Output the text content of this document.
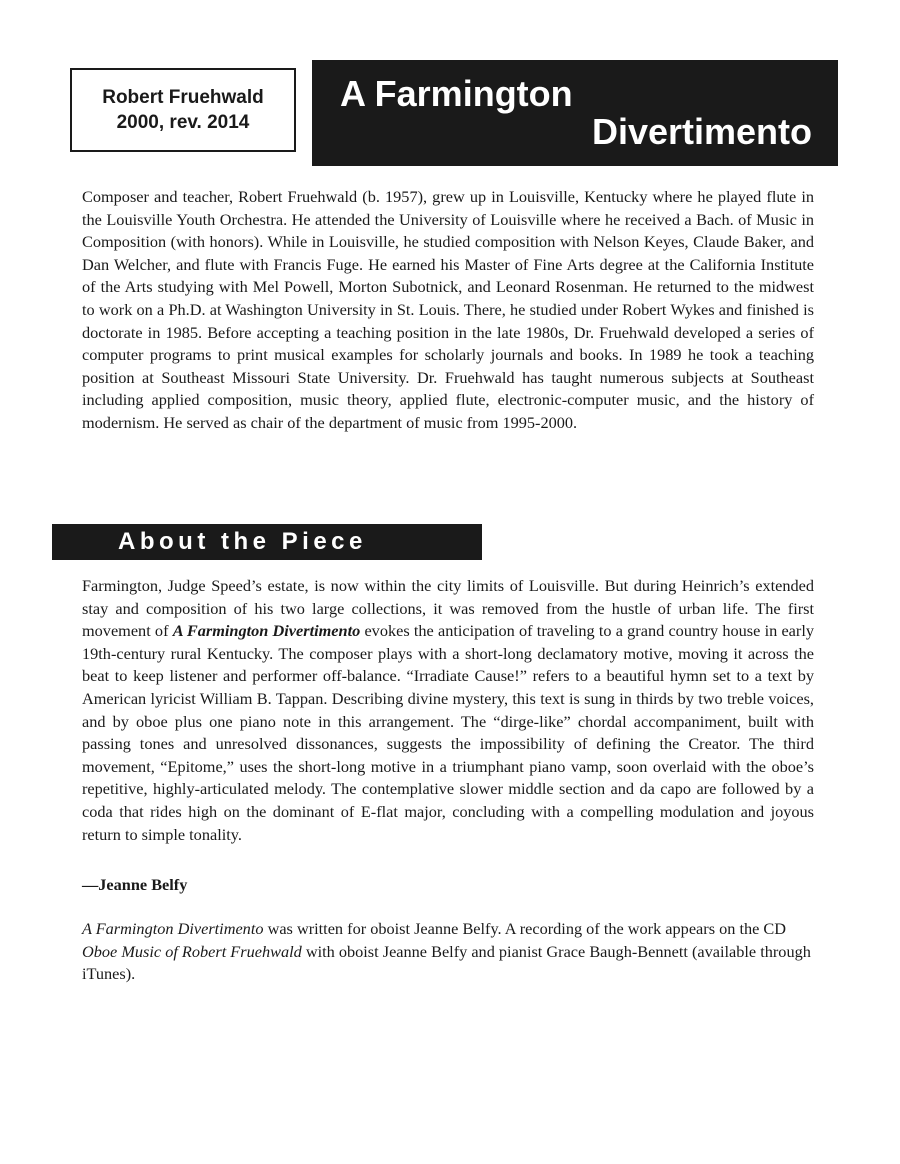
Robert Fruehwald
2000, rev. 2014
A Farmington
Divertimento
Composer and teacher, Robert Fruehwald (b. 1957), grew up in Louisville, Kentucky where he played flute in the Louisville Youth Orchestra. He attended the University of Louisville where he received a Bach. of Music in Composition (with honors). While in Louisville, he studied composition with Nelson Keyes, Claude Baker, and Dan Welcher, and flute with Francis Fuge. He earned his Master of Fine Arts degree at the California Institute of the Arts studying with Mel Powell, Morton Subotnick, and Leonard Rosenman. He returned to the midwest to work on a Ph.D. at Washington University in St. Louis. There, he studied under Robert Wykes and finished is doctorate in 1985. Before accepting a teaching position in the late 1980s, Dr. Fruehwald developed a series of computer programs to print musical examples for scholarly journals and books. In 1989 he took a teaching position at Southeast Missouri State University. Dr. Fruehwald has taught numerous subjects at Southeast including applied composition, music theory, applied flute, electronic-computer music, and the history of modernism. He served as chair of the department of music from 1995-2000.
About the Piece
Farmington, Judge Speed’s estate, is now within the city limits of Louisville. But during Heinrich’s extended stay and composition of his two large collections, it was removed from the hustle of urban life. The first movement of A Farmington Divertimento evokes the anticipation of traveling to a grand country house in early 19th-century rural Kentucky. The composer plays with a short-long declamatory motive, moving it across the beat to keep listener and performer off-balance. “Irradiate Cause!” refers to a beautiful hymn set to a text by American lyricist William B. Tappan. Describing divine mystery, this text is sung in thirds by two treble voices, and by oboe plus one piano note in this arrangement. The “dirge-like” chordal accompaniment, built with passing tones and unresolved dissonances, suggests the impossibility of defining the Creator. The third movement, “Epitome,” uses the short-long motive in a triumphant piano vamp, soon overlaid with the oboe’s repetitive, highly-articulated melody. The contemplative slower middle section and da capo are followed by a coda that rides high on the dominant of E-flat major, concluding with a compelling modulation and joyous return to simple tonality.
—Jeanne Belfy
A Farmington Divertimento was written for oboist Jeanne Belfy. A recording of the work appears on the CD Oboe Music of Robert Fruehwald with oboist Jeanne Belfy and pianist Grace Baugh-Bennett (available through iTunes).
